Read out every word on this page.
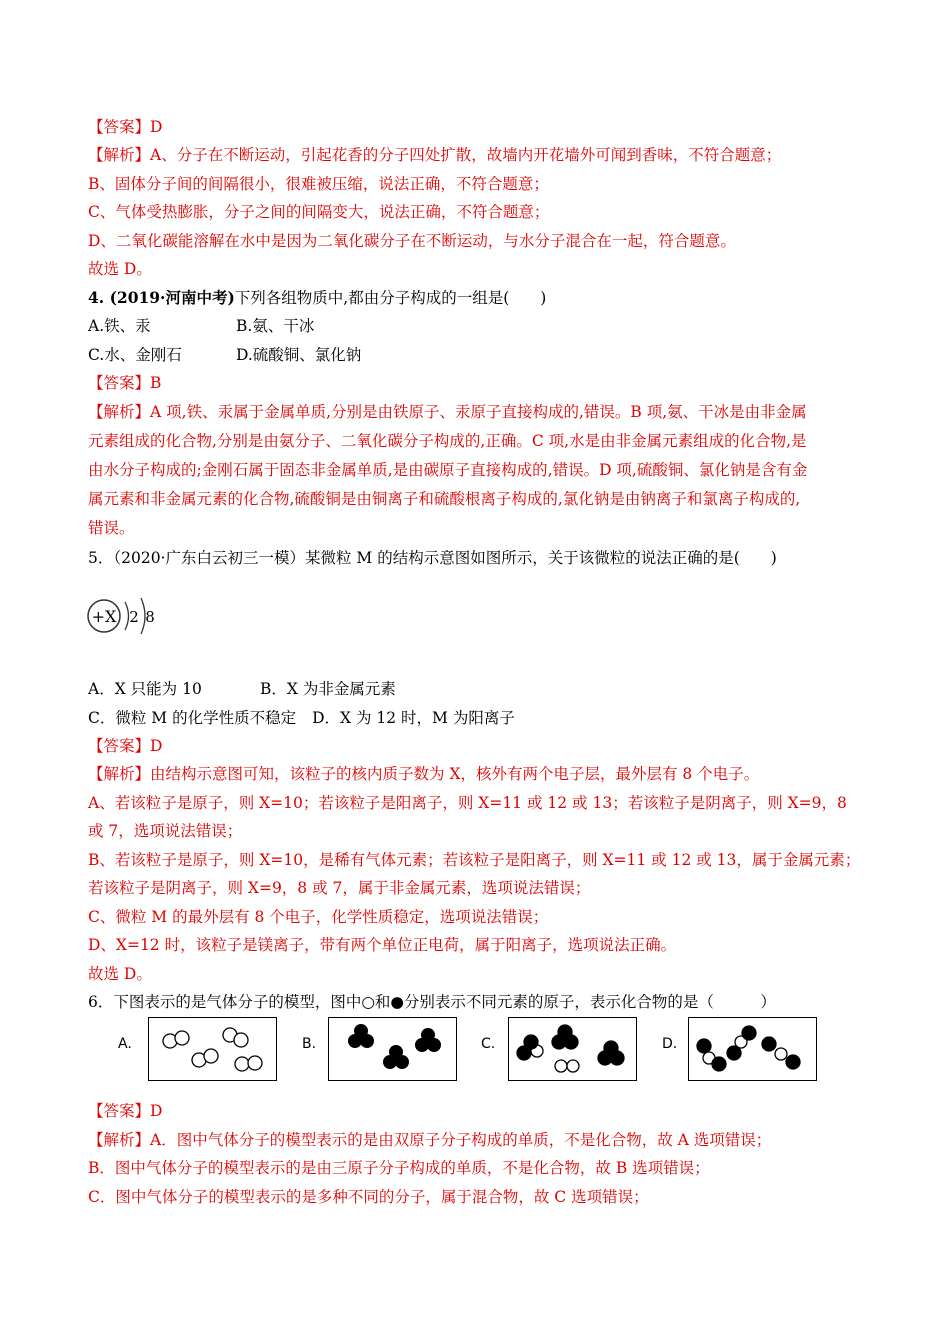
【答案】D
【解析】A、分子在不断运动，引起花香的分子四处扩散，故墙内开花墙外可闻到香味，不符合题意；
B、固体分子间的间隔很小，很难被压缩，说法正确，不符合题意；
C、气体受热膨胀，分子之间的间隔变大，说法正确，不符合题意；
D、二氧化碳能溶解在水中是因为二氧化碳分子在不断运动，与水分子混合在一起，符合题意。
故选 D。
4. (2019·河南中考)下列各组物质中,都由分子构成的一组是(　　)
A.铁、汞	B.氨、干冰
C.水、金刚石	D.硫酸铜、氯化钠
【答案】B
【解析】A 项,铁、汞属于金属单质,分别是由铁原子、汞原子直接构成的,错误。B 项,氨、干冰是由非金属
元素组成的化合物,分别是由氨分子、二氧化碳分子构成的,正确。C 项,水是由非金属元素组成的化合物,是
由水分子构成的;金刚石属于固态非金属单质,是由碳原子直接构成的,错误。D 项,硫酸铜、氯化钠是含有金
属元素和非金属元素的化合物,硫酸铜是由铜离子和硫酸根离子构成的,氯化钠是由钠离子和氯离子构成的,
错误。
5．（2020·广东白云初三一模）某微粒 M 的结构示意图如图所示，关于该微粒的说法正确的是(　　)
+X 2 8
A．X 只能为 10	B．X 为非金属元素
C．微粒 M 的化学性质不稳定 D．X 为 12 时，M 为阳离子
【答案】D
【解析】由结构示意图可知，该粒子的核内质子数为 X，核外有两个电子层，最外层有 8 个电子。
A、若该粒子是原子，则 X=10；若该粒子是阳离子，则 X=11 或 12 或 13；若该粒子是阴离子，则 X=9，8
或 7，选项说法错误；
B、若该粒子是原子，则 X=10，是稀有气体元素；若该粒子是阳离子，则 X=11 或 12 或 13，属于金属元素；
若该粒子是阴离子，则 X=9，8 或 7，属于非金属元素，选项说法错误；
C、微粒 M 的最外层有 8 个电子，化学性质稳定，选项说法错误；
D、X=12 时，该粒子是镁离子，带有两个单位正电荷，属于阳离子，选项说法正确。
故选 D。
6．下图表示的是气体分子的模型，图中○和●分别表示不同元素的原子，表示化合物的是（　　　）
A.	B.	C.	D.
【答案】D
【解析】A．图中气体分子的模型表示的是由双原子分子构成的单质，不是化合物，故 A 选项错误；
B．图中气体分子的模型表示的是由三原子分子构成的单质，不是化合物，故 B 选项错误；
C．图中气体分子的模型表示的是多种不同的分子，属于混合物，故 C 选项错误；
